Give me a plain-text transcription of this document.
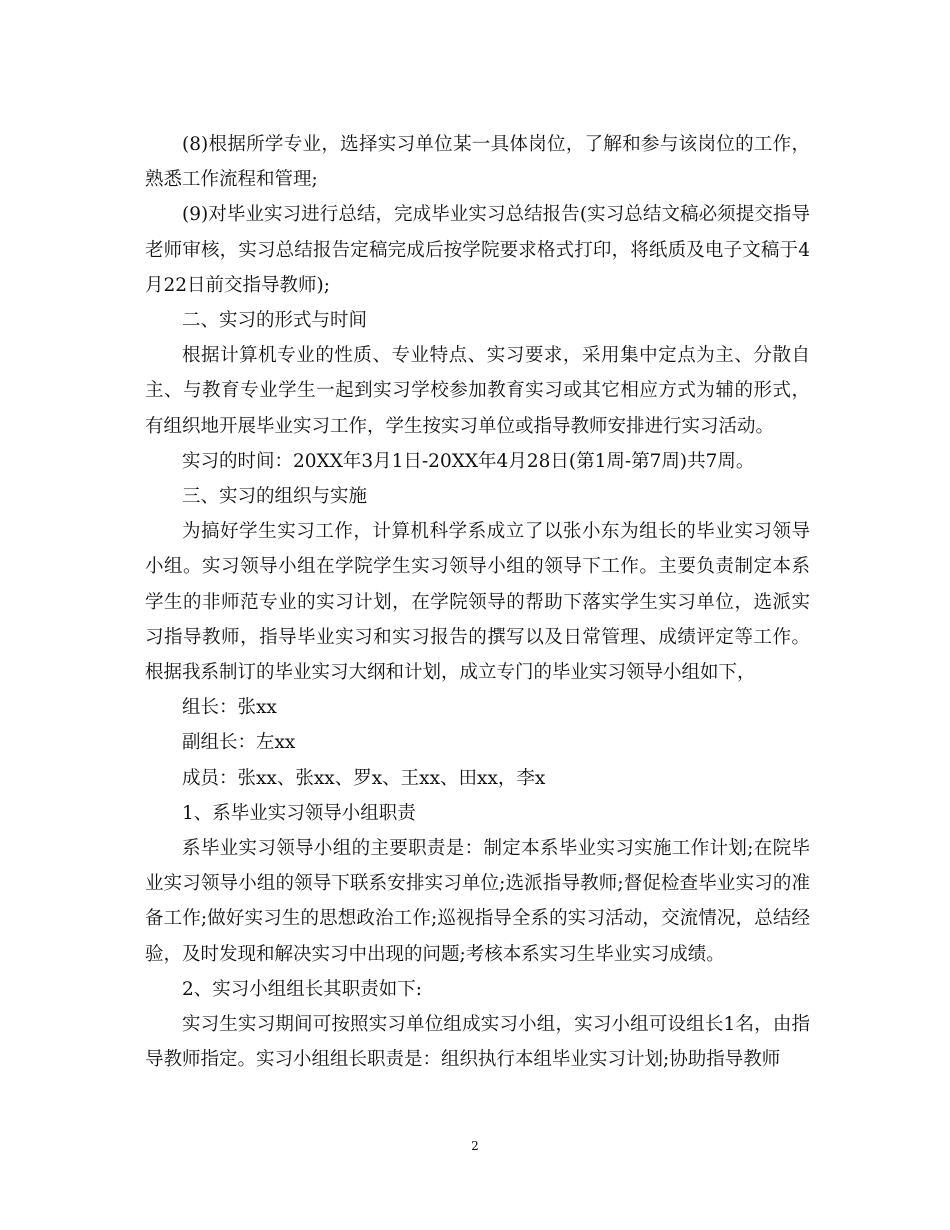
(8)根据所学专业，选择实习单位某一具体岗位，了解和参与该岗位的工作，熟悉工作流程和管理;

(9)对毕业实习进行总结，完成毕业实习总结报告(实习总结文稿必须提交指导老师审核，实习总结报告定稿完成后按学院要求格式打印，将纸质及电子文稿于4月22日前交指导教师);

二、实习的形式与时间

根据计算机专业的性质、专业特点、实习要求，采用集中定点为主、分散自主、与教育专业学生一起到实习学校参加教育实习或其它相应方式为辅的形式，有组织地开展毕业实习工作，学生按实习单位或指导教师安排进行实习活动。

实习的时间：20XX年3月1日-20XX年4月28日(第1周-第7周)共7周。

三、实习的组织与实施

为搞好学生实习工作，计算机科学系成立了以张小东为组长的毕业实习领导小组。实习领导小组在学院学生实习领导小组的领导下工作。主要负责制定本系学生的非师范专业的实习计划，在学院领导的帮助下落实学生实习单位，选派实习指导教师，指导毕业实习和实习报告的撰写以及日常管理、成绩评定等工作。根据我系制订的毕业实习大纲和计划，成立专门的毕业实习领导小组如下，

组长：张xx

副组长：左xx

成员：张xx、张xx、罗x、王xx、田xx，李x

1、系毕业实习领导小组职责

系毕业实习领导小组的主要职责是：制定本系毕业实习实施工作计划;在院毕业实习领导小组的领导下联系安排实习单位;选派指导教师;督促检查毕业实习的准备工作;做好实习生的思想政治工作;巡视指导全系的实习活动，交流情况，总结经验，及时发现和解决实习中出现的问题;考核本系实习生毕业实习成绩。

2、实习小组组长其职责如下:

实习生实习期间可按照实习单位组成实习小组，实习小组可设组长1名，由指导教师指定。实习小组组长职责是：组织执行本组毕业实习计划;协助指导教师

2
